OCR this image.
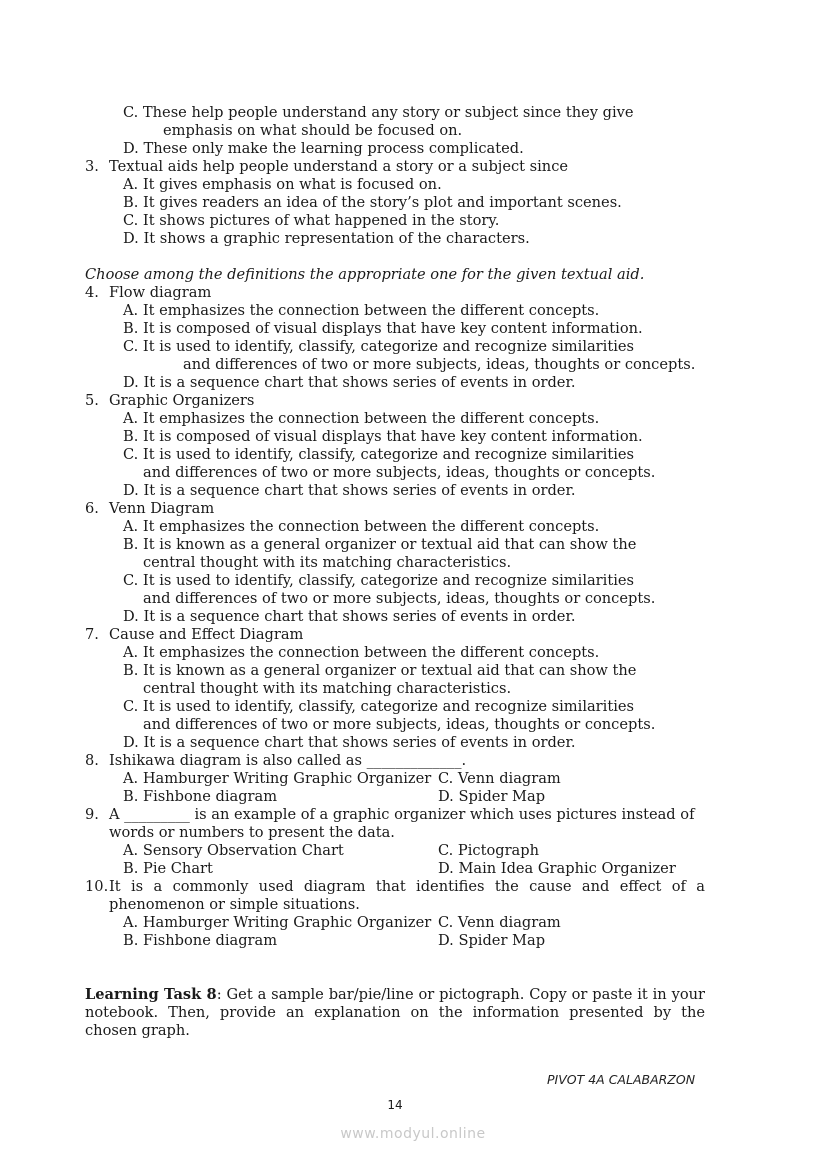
C. These help people understand any story or subject since they give
emphasis on what should be focused on.
D. These only make the learning process complicated.
3. Textual aids help people understand a story or a subject since
A. It gives emphasis on what is focused on.
B. It gives readers an idea of the story’s plot and important scenes.
C. It shows pictures of what happened in the story.
D. It shows a graphic representation of the characters.
Choose among the definitions the appropriate one for the given textual aid.
4. Flow diagram
A. It emphasizes the connection between the different concepts.
B. It is composed of visual displays that have key content information.
C. It is used to identify, classify, categorize and recognize similarities
and differences of two or more subjects, ideas, thoughts or concepts.
D. It is a sequence chart that shows series of events in order.
5. Graphic Organizers
A. It emphasizes the connection between the different concepts.
B. It is composed of visual displays that have key content information.
C. It is used to identify, classify, categorize and recognize similarities
and differences of two or more subjects, ideas, thoughts or concepts.
D. It is a sequence chart that shows series of events in order.
6. Venn Diagram
A. It emphasizes the connection between the different concepts.
B. It is known as a general organizer or textual aid that can show the
central thought with its matching characteristics.
C. It is used to identify, classify, categorize and recognize similarities
and differences of two or more subjects, ideas, thoughts or concepts.
D. It is a sequence chart that shows series of events in order.
7. Cause and Effect Diagram
A. It emphasizes the connection between the different concepts.
B. It is known as a general organizer or textual aid that can show the
central thought with its matching characteristics.
C. It is used to identify, classify, categorize and recognize similarities
and differences of two or more subjects, ideas, thoughts or concepts.
D. It is a sequence chart that shows series of events in order.
8. Ishikawa diagram is also called as _____________.
A. Hamburger Writing Graphic Organizer C. Venn diagram
B. Fishbone diagram	D. Spider Map
9. A _________ is an example of a graphic organizer which uses pictures instead of
words or numbers to present the data.
A. Sensory Observation Chart	C. Pictograph
B. Pie Chart	D. Main Idea Graphic Organizer
10. It is a commonly used diagram that identifies the cause and effect of a
phenomenon or simple situations.
A. Hamburger Writing Graphic Organizer C. Venn diagram
B. Fishbone diagram	D. Spider Map
Learning Task 8: Get a sample bar/pie/line or pictograph. Copy or paste it in your notebook. Then, provide an explanation on the information presented by the chosen graph.
PIVOT 4A CALABARZON
14
www.modyul.online
